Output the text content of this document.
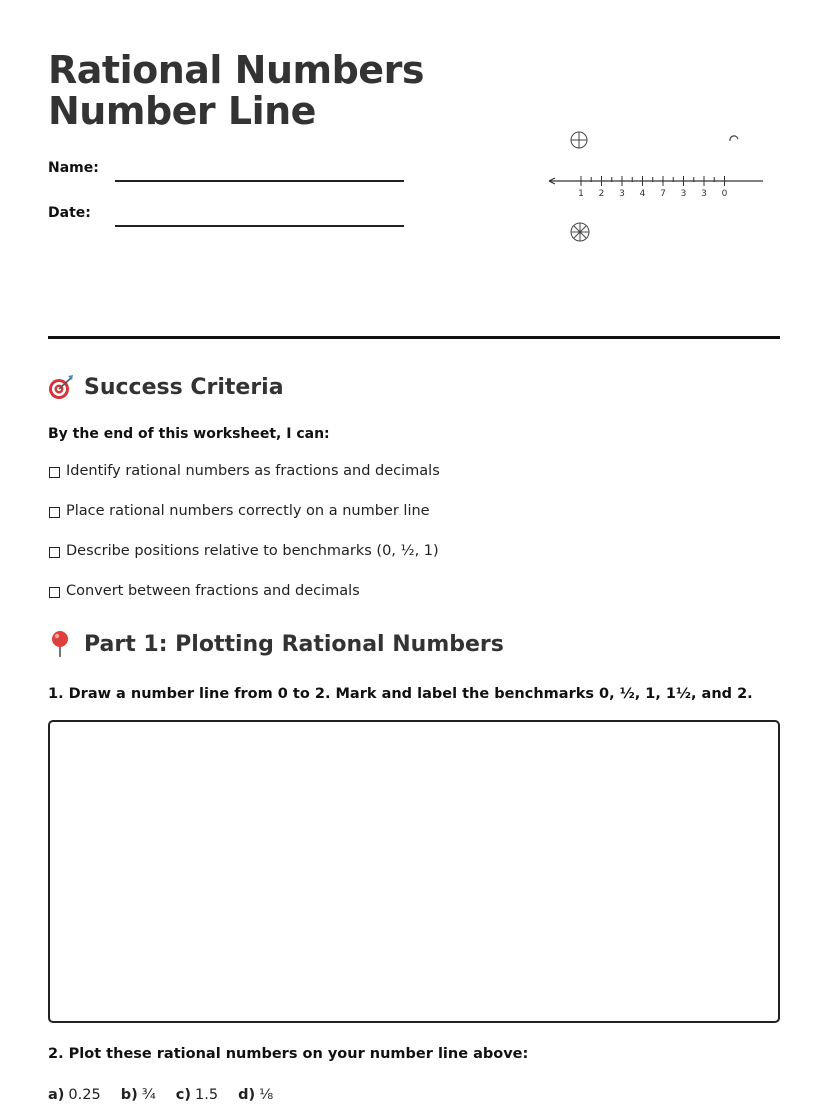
Rational Numbers
Number Line
Name:
Date:
1 2 3 4 7 3 3 0
Success Criteria
By the end of this worksheet, I can:
Identify rational numbers as fractions and decimals
Place rational numbers correctly on a number line
Describe positions relative to benchmarks (0, ½, 1)
Convert between fractions and decimals
Part 1: Plotting Rational Numbers
1. Draw a number line from 0 to 2. Mark and label the benchmarks 0, ½, 1, 1½, and 2.
2. Plot these rational numbers on your number line above:
a) 0.25 b) ¾ c) 1.5 d) ⅛
